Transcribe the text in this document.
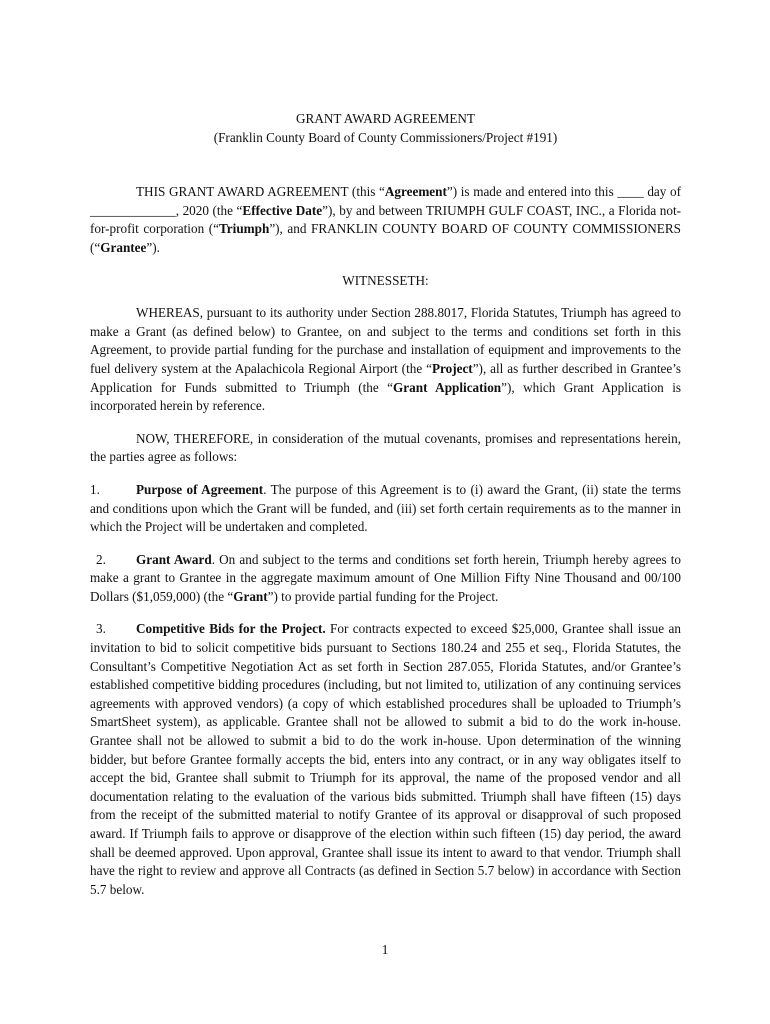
GRANT AWARD AGREEMENT

(Franklin County Board of County Commissioners/Project #191)

THIS GRANT AWARD AGREEMENT (this “Agreement”) is made and entered into this ____ day of _____________, 2020 (the “Effective Date”), by and between TRIUMPH GULF COAST, INC., a Florida not-for-profit corporation (“Triumph”), and FRANKLIN COUNTY BOARD OF COUNTY COMMISSIONERS (“Grantee”).

WITNESSETH:

WHEREAS, pursuant to its authority under Section 288.8017, Florida Statutes, Triumph has agreed to make a Grant (as defined below) to Grantee, on and subject to the terms and conditions set forth in this Agreement, to provide partial funding for the purchase and installation of equipment and improvements to the fuel delivery system at the Apalachicola Regional Airport (the “Project”), all as further described in Grantee’s Application for Funds submitted to Triumph (the “Grant Application”), which Grant Application is incorporated herein by reference.

NOW, THEREFORE, in consideration of the mutual covenants, promises and representations herein, the parties agree as follows:

1.	Purpose of Agreement. The purpose of this Agreement is to (i) award the Grant, (ii) state the terms and conditions upon which the Grant will be funded, and (iii) set forth certain requirements as to the manner in which the Project will be undertaken and completed.

2. Grant Award. On and subject to the terms and conditions set forth herein, Triumph hereby agrees to make a grant to Grantee in the aggregate maximum amount of One Million Fifty Nine Thousand and 00/100 Dollars ($1,059,000) (the “Grant”) to provide partial funding for the Project.

3. Competitive Bids for the Project. For contracts expected to exceed $25,000, Grantee shall issue an invitation to bid to solicit competitive bids pursuant to Sections 180.24 and 255 et seq., Florida Statutes, the Consultant’s Competitive Negotiation Act as set forth in Section 287.055, Florida Statutes, and/or Grantee’s established competitive bidding procedures (including, but not limited to, utilization of any continuing services agreements with approved vendors) (a copy of which established procedures shall be uploaded to Triumph’s SmartSheet system), as applicable. Grantee shall not be allowed to submit a bid to do the work in-house. Grantee shall not be allowed to submit a bid to do the work in-house. Upon determination of the winning bidder, but before Grantee formally accepts the bid, enters into any contract, or in any way obligates itself to accept the bid, Grantee shall submit to Triumph for its approval, the name of the proposed vendor and all documentation relating to the evaluation of the various bids submitted. Triumph shall have fifteen (15) days from the receipt of the submitted material to notify Grantee of its approval or disapproval of such proposed award. If Triumph fails to approve or disapprove of the election within such fifteen (15) day period, the award shall be deemed approved. Upon approval, Grantee shall issue its intent to award to that vendor. Triumph shall have the right to review and approve all Contracts (as defined in Section 5.7 below) in accordance with Section 5.7 below.

1
